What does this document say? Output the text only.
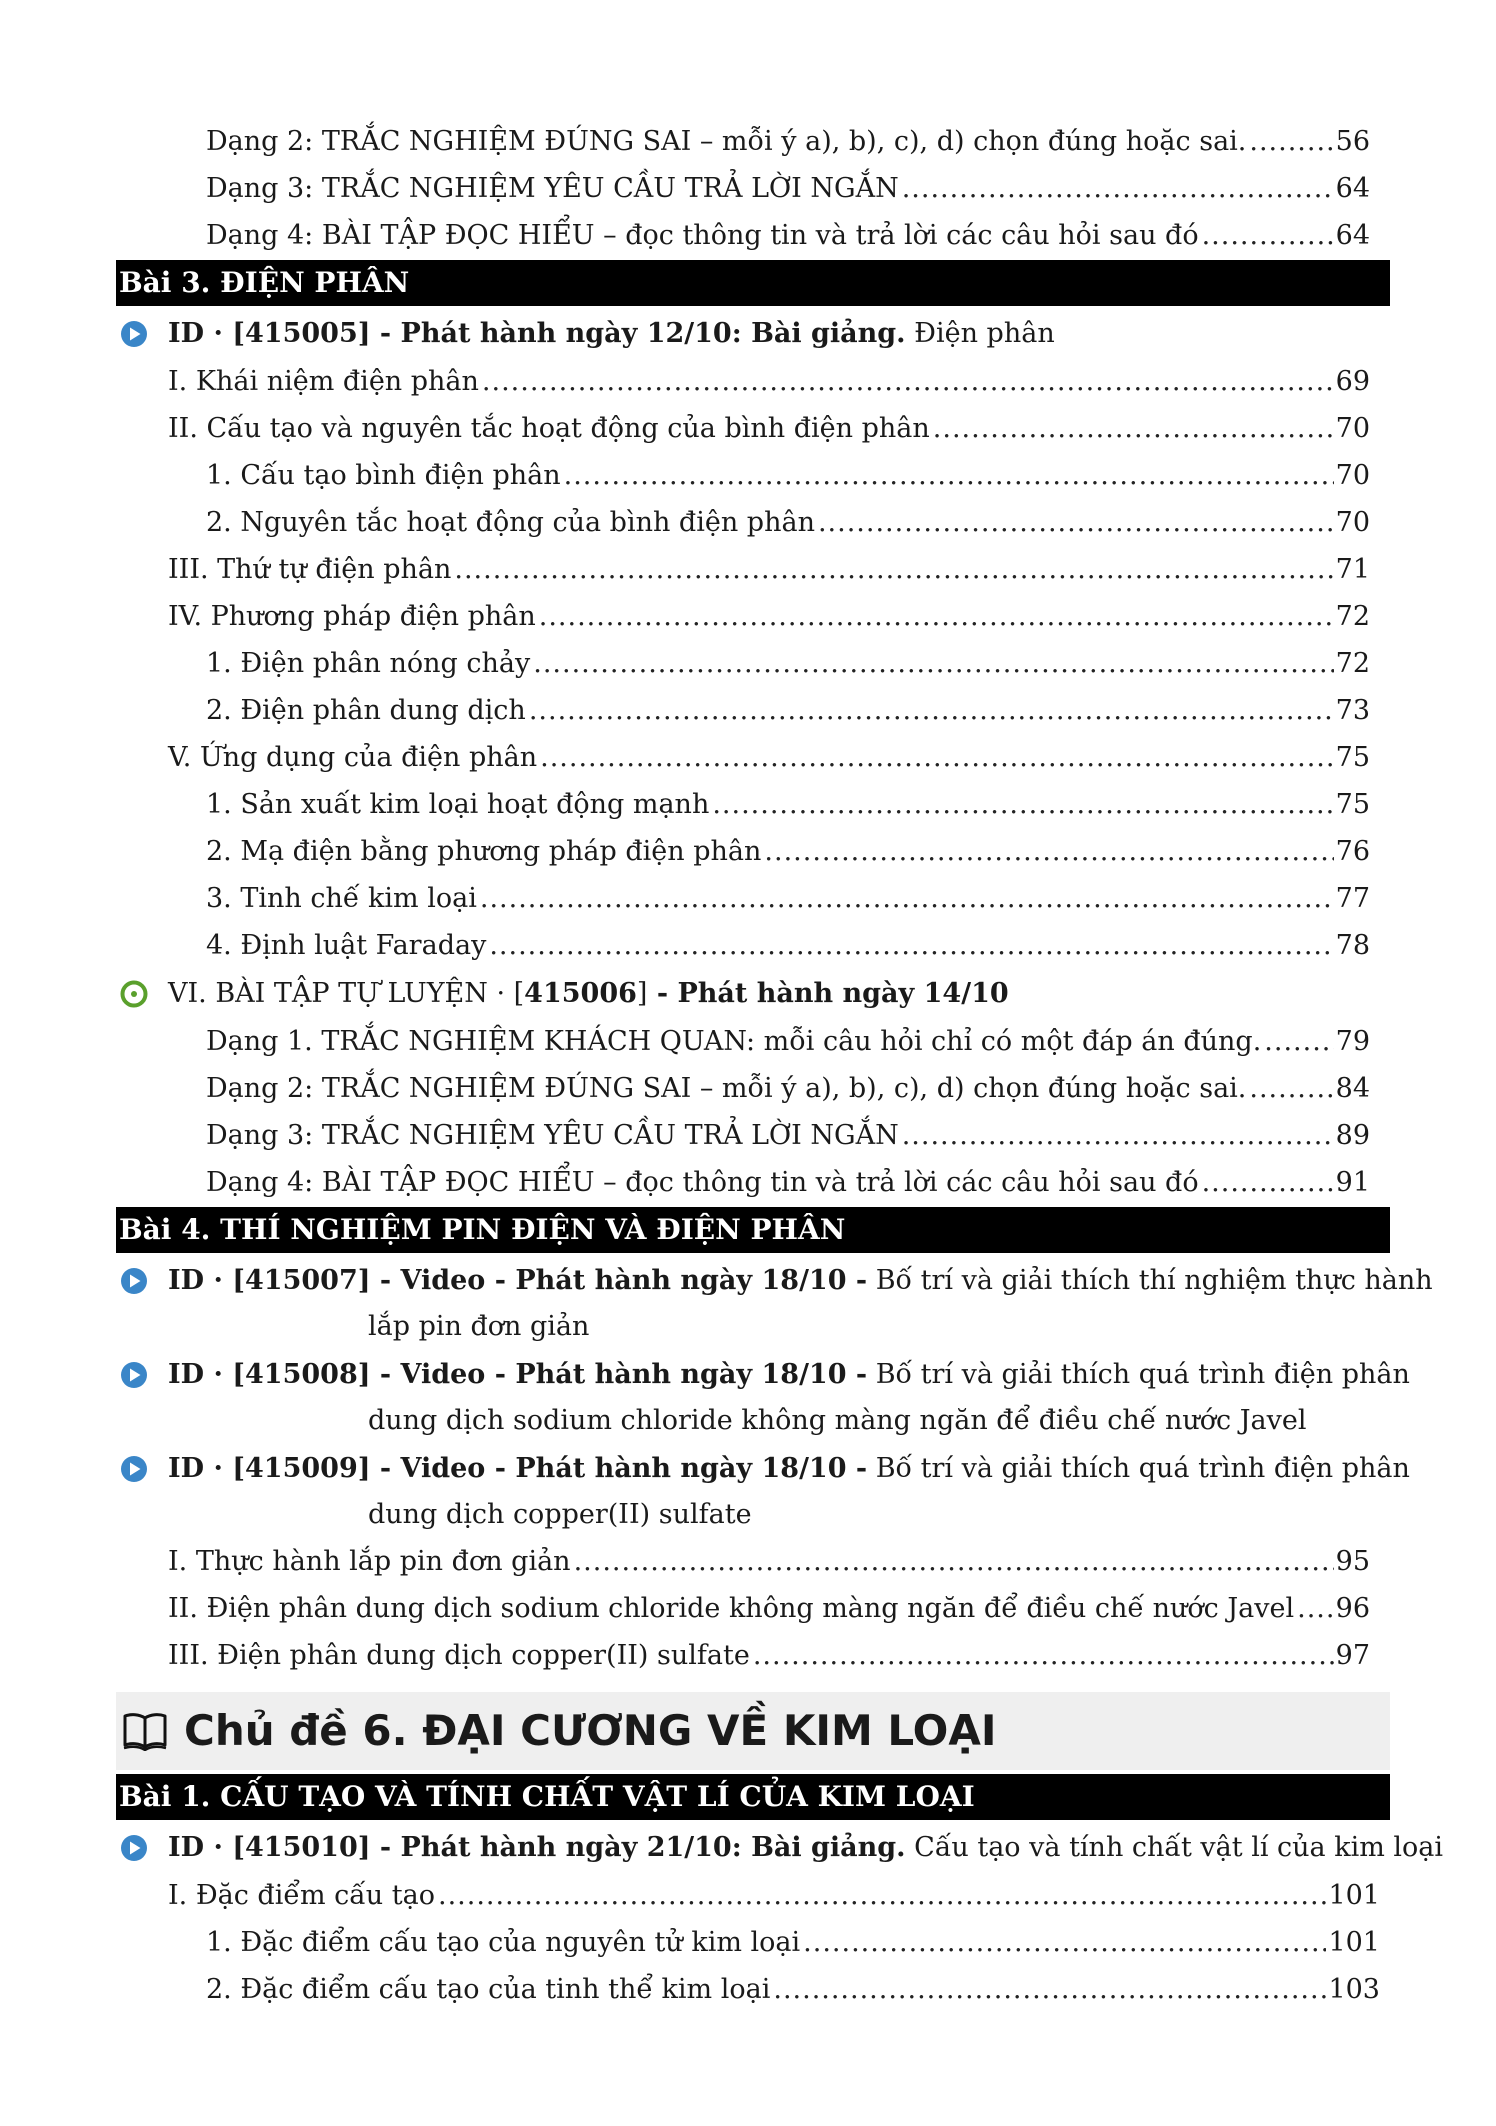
Dạng 2: TRẮC NGHIỆM ĐÚNG SAI – mỗi ý a), b), c), d) chọn đúng hoặc sai. .....	56
Dạng 3: TRẮC NGHIỆM YÊU CẦU TRẢ LỜI NGẮN .....	64
Dạng 4: BÀI TẬP ĐỌC HIỂU – đọc thông tin và trả lời các câu hỏi sau đó .....	64
Bài 3. ĐIỆN PHÂN
ID · [415005] - Phát hành ngày 12/10: Bài giảng. Điện phân
I. Khái niệm điện phân .....	69
II. Cấu tạo và nguyên tắc hoạt động của bình điện phân .....	70
1. Cấu tạo bình điện phân .....	70
2. Nguyên tắc hoạt động của bình điện phân .....	70
III. Thứ tự điện phân .....	71
IV. Phương pháp điện phân .....	72
1. Điện phân nóng chảy .....	72
2. Điện phân dung dịch .....	73
V. Ứng dụng của điện phân .....	75
1. Sản xuất kim loại hoạt động mạnh .....	75
2. Mạ điện bằng phương pháp điện phân .....	76
3. Tinh chế kim loại .....	77
4. Định luật Faraday .....	78
VI. BÀI TẬP TỰ LUYỆN · [415006] - Phát hành ngày 14/10
Dạng 1. TRẮC NGHIỆM KHÁCH QUAN: mỗi câu hỏi chỉ có một đáp án đúng. .....	79
Dạng 2: TRẮC NGHIỆM ĐÚNG SAI – mỗi ý a), b), c), d) chọn đúng hoặc sai. .....	84
Dạng 3: TRẮC NGHIỆM YÊU CẦU TRẢ LỜI NGẮN .....	89
Dạng 4: BÀI TẬP ĐỌC HIỂU – đọc thông tin và trả lời các câu hỏi sau đó .....	91
Bài 4. THÍ NGHIỆM PIN ĐIỆN VÀ ĐIỆN PHÂN
ID · [415007] - Video - Phát hành ngày 18/10 - Bố trí và giải thích thí nghiệm thực hành
lắp pin đơn giản
ID · [415008] - Video - Phát hành ngày 18/10 - Bố trí và giải thích quá trình điện phân
dung dịch sodium chloride không màng ngăn để điều chế nước Javel
ID · [415009] - Video - Phát hành ngày 18/10 - Bố trí và giải thích quá trình điện phân
dung dịch copper(II) sulfate
I. Thực hành lắp pin đơn giản .....	95
II. Điện phân dung dịch sodium chloride không màng ngăn để điều chế nước Javel ..... 96
III. Điện phân dung dịch copper(II) sulfate .....	97
Chủ đề 6. ĐẠI CƯƠNG VỀ KIM LOẠI
Bài 1. CẤU TẠO VÀ TÍNH CHẤT VẬT LÍ CỦA KIM LOẠI
ID · [415010] - Phát hành ngày 21/10: Bài giảng. Cấu tạo và tính chất vật lí của kim loại
I. Đặc điểm cấu tạo .....	101
1. Đặc điểm cấu tạo của nguyên tử kim loại .....	101
2. Đặc điểm cấu tạo của tinh thể kim loại .....	103
